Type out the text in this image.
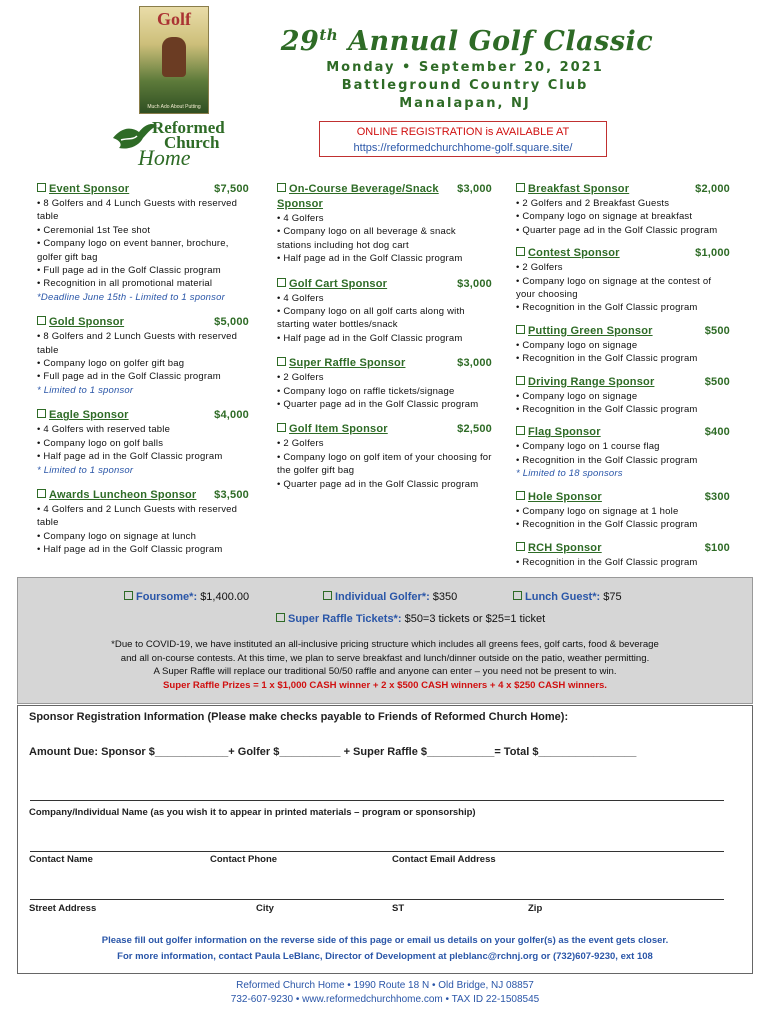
Golf
Much Ado About Putting
Reformed
Church
Home
29th Annual Golf Classic
Monday • September 20, 2021
Battleground Country Club
Manalapan, NJ
ONLINE REGISTRATION is AVAILABLE AT
https://reformedchurchhome-golf.square.site/
Event Sponsor	$7,500
• 8 Golfers and 4 Lunch Guests with reserved table
• Ceremonial 1st Tee shot
• Company logo on event banner, brochure, golfer gift bag
• Full page ad in the Golf Classic program
• Recognition in all promotional material
*Deadline June 15th - Limited to 1 sponsor
Gold Sponsor	$5,000
• 8 Golfers and 2 Lunch Guests with reserved table
• Company logo on golfer gift bag
• Full page ad in the Golf Classic program
* Limited to 1 sponsor
Eagle Sponsor	$4,000
• 4 Golfers with reserved table
• Company logo on golf balls
• Half page ad in the Golf Classic program
* Limited to 1 sponsor
Awards Luncheon Sponsor $3,500
• 4 Golfers and 2 Lunch Guests with reserved table
• Company logo on signage at lunch
• Half page ad in the Golf Classic program
On-Course Beverage/Snack Sponsor
$3,000
• 4 Golfers
• Company logo on all beverage & snack stations including hot dog cart
• Half page ad in the Golf Classic program
Golf Cart Sponsor	$3,000
• 4 Golfers
• Company logo on all golf carts along with starting water bottles/snack
• Half page ad in the Golf Classic program
Super Raffle Sponsor	$3,000
• 2 Golfers
• Company logo on raffle tickets/signage
• Quarter page ad in the Golf Classic program
Golf Item Sponsor	$2,500
• 2 Golfers
• Company logo on golf item of your choosing for the golfer gift bag
• Quarter page ad in the Golf Classic program
Breakfast Sponsor	$2,000
• 2 Golfers and 2 Breakfast Guests
• Company logo on signage at breakfast
• Quarter page ad in the Golf Classic program
Contest Sponsor	$1,000
• 2 Golfers
• Company logo on signage at the contest of your choosing
• Recognition in the Golf Classic program
Putting Green Sponsor	$500
• Company logo on signage
• Recognition in the Golf Classic program
Driving Range Sponsor	$500
• Company logo on signage
• Recognition in the Golf Classic program
Flag Sponsor	$400
• Company logo on 1 course flag
• Recognition in the Golf Classic program
* Limited to 18 sponsors
Hole Sponsor	$300
• Company logo on signage at 1 hole
• Recognition in the Golf Classic program
RCH Sponsor	$100
• Recognition in the Golf Classic program
Foursome*: $1,400.00	Individual Golfer*: $350	Lunch Guest*: $75
Super Raffle Tickets*: $50=3 tickets or $25=1 ticket
*Due to COVID-19, we have instituted an all-inclusive pricing structure which includes all greens fees, golf carts, food & beverage
and all on-course contests. At this time, we plan to serve breakfast and lunch/dinner outside on the patio, weather permitting.
A Super Raffle will replace our traditional 50/50 raffle and anyone can enter – you need not be present to win.
Super Raffle Prizes = 1 x $1,000 CASH winner + 2 x $500 CASH winners + 4 x $250 CASH winners.
Sponsor Registration Information (Please make checks payable to Friends of Reformed Church Home):
Amount Due: Sponsor $____________+ Golfer $__________ + Super Raffle $___________= Total $________________
Company/Individual Name (as you wish it to appear in printed materials – program or sponsorship)
Contact Name	Contact Phone	Contact Email Address
Street Address	City	ST	Zip
Please fill out golfer information on the reverse side of this page or email us details on your golfer(s) as the event gets closer.
For more information, contact Paula LeBlanc, Director of Development at pleblanc@rchnj.org or (732)607-9230, ext 108
Reformed Church Home • 1990 Route 18 N • Old Bridge, NJ 08857
732-607-9230 • www.reformedchurchhome.com • TAX ID 22-1508545
